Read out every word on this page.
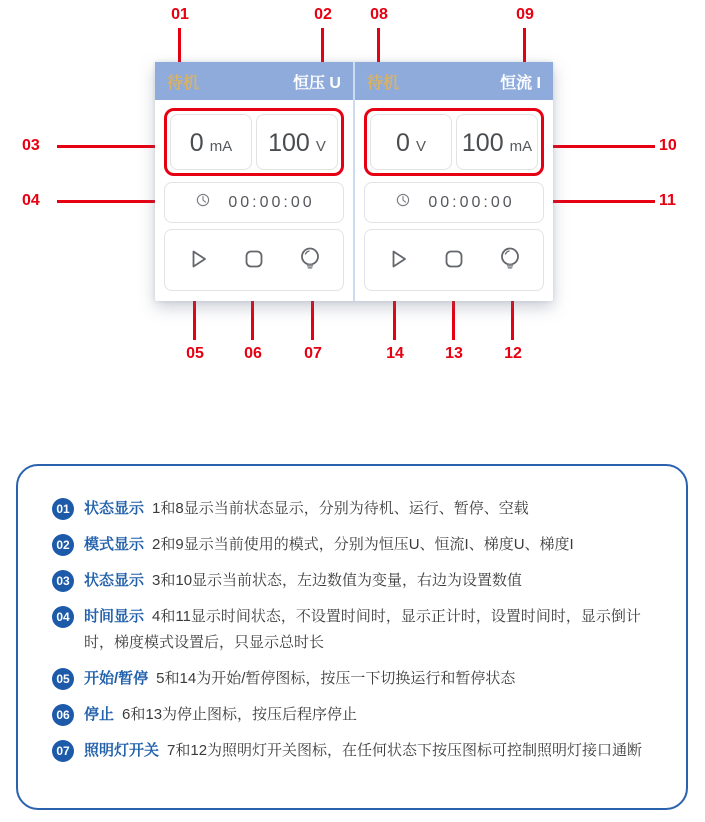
01	02 08	09
03
04
10
11
05	06	07	14	13	12
待机	恒压 U
0 mA 100 V
00:00:00
待机	恒流 I
0 V 100 mA
00:00:00
01 状态显示 1和8显示当前状态显示，分别为待机、运行、暂停、空载

02 模式显示 2和9显示当前使用的模式，分别为恒压U、恒流I、梯度U、梯度I

03 状态显示 3和10显示当前状态，左边数值为变量，右边为设置数值

04 时间显示 4和11显示时间状态，不设置时间时，显示正计时，设置时间时，显示倒计时，梯度模式设置后，只显示总时长

05 开始/暂停 5和14为开始/暂停图标，按压一下切换运行和暂停状态

06 停止 6和13为停止图标，按压后程序停止

07 照明灯开关 7和12为照明灯开关图标，在任何状态下按压图标可控制照明灯接口通断
